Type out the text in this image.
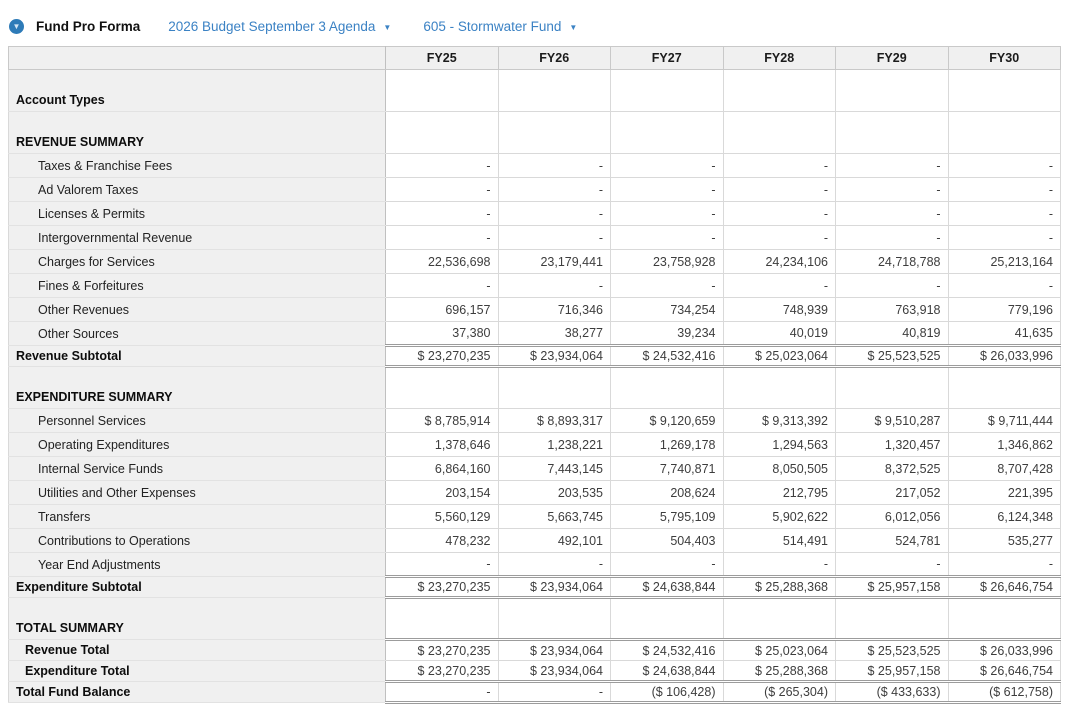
▼ Fund Pro Forma 2026 Budget September 3 Agenda ▼ 605 - Stormwater Fund ▼
	FY25	FY26	FY27	FY28	FY29	FY30
Account Types						
REVENUE SUMMARY						
Taxes & Franchise Fees	-	-	-	-	-	-
Ad Valorem Taxes	-	-	-	-	-	-
Licenses & Permits	-	-	-	-	-	-
Intergovernmental Revenue	-	-	-	-	-	-
Charges for Services	22,536,698	23,179,441	23,758,928	24,234,106	24,718,788	25,213,164
Fines & Forfeitures	-	-	-	-	-	-
Other Revenues	696,157	716,346	734,254	748,939	763,918	779,196
Other Sources	37,380	38,277	39,234	40,019	40,819	41,635
Revenue Subtotal	$ 23,270,235	$ 23,934,064	$ 24,532,416	$ 25,023,064	$ 25,523,525	$ 26,033,996
EXPENDITURE SUMMARY						
Personnel Services	$ 8,785,914	$ 8,893,317	$ 9,120,659	$ 9,313,392	$ 9,510,287	$ 9,711,444
Operating Expenditures	1,378,646	1,238,221	1,269,178	1,294,563	1,320,457	1,346,862
Internal Service Funds	6,864,160	7,443,145	7,740,871	8,050,505	8,372,525	8,707,428
Utilities and Other Expenses	203,154	203,535	208,624	212,795	217,052	221,395
Transfers	5,560,129	5,663,745	5,795,109	5,902,622	6,012,056	6,124,348
Contributions to Operations	478,232	492,101	504,403	514,491	524,781	535,277
Year End Adjustments	-	-	-	-	-	-
Expenditure Subtotal	$ 23,270,235	$ 23,934,064	$ 24,638,844	$ 25,288,368	$ 25,957,158	$ 26,646,754
TOTAL SUMMARY						
Revenue Total	$ 23,270,235	$ 23,934,064	$ 24,532,416	$ 25,023,064	$ 25,523,525	$ 26,033,996
Expenditure Total	$ 23,270,235	$ 23,934,064	$ 24,638,844	$ 25,288,368	$ 25,957,158	$ 26,646,754
Total Fund Balance	-	-	($ 106,428)	($ 265,304)	($ 433,633)	($ 612,758)
